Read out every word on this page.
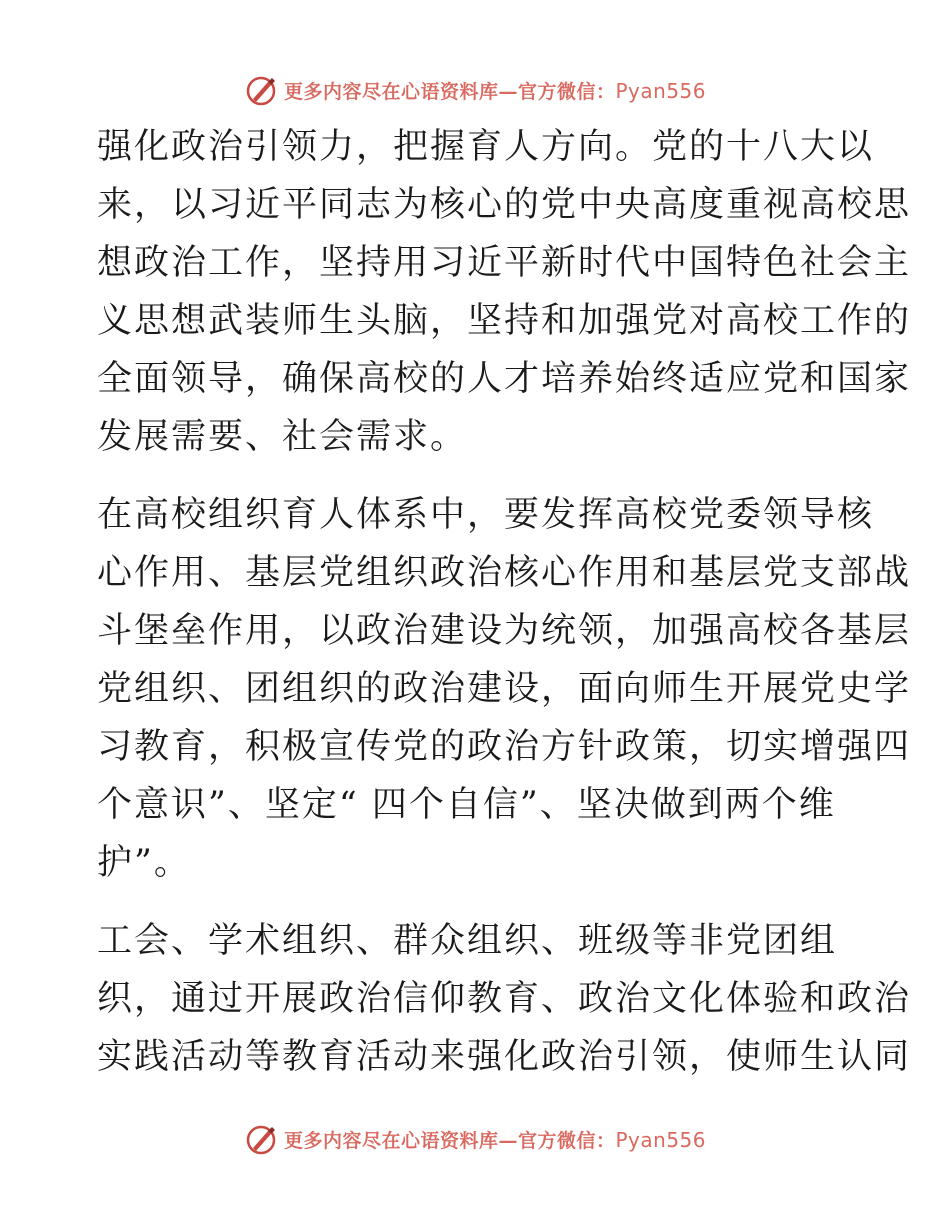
更多内容尽在心语资料库—官方微信：Pyan556

强化政治引领力，把握育人方向。党的十八大以
来，以习近平同志为核心的党中央高度重视高校思
想政治工作，坚持用习近平新时代中国特色社会主
义思想武装师生头脑，坚持和加强党对高校工作的
全面领导，确保高校的人才培养始终适应党和国家
发展需要、社会需求。

在高校组织育人体系中，要发挥高校党委领导核
心作用、基层党组织政治核心作用和基层党支部战
斗堡垒作用，以政治建设为统领，加强高校各基层
党组织、团组织的政治建设，面向师生开展党史学
习教育，积极宣传党的政治方针政策，切实增强四
个意识”、坚定“ 四个自信”、坚决做到两个维
护”。

工会、学术组织、群众组织、班级等非党团组
织，通过开展政治信仰教育、政治文化体验和政治
实践活动等教育活动来强化政治引领，使师生认同

更多内容尽在心语资料库—官方微信：Pyan556
